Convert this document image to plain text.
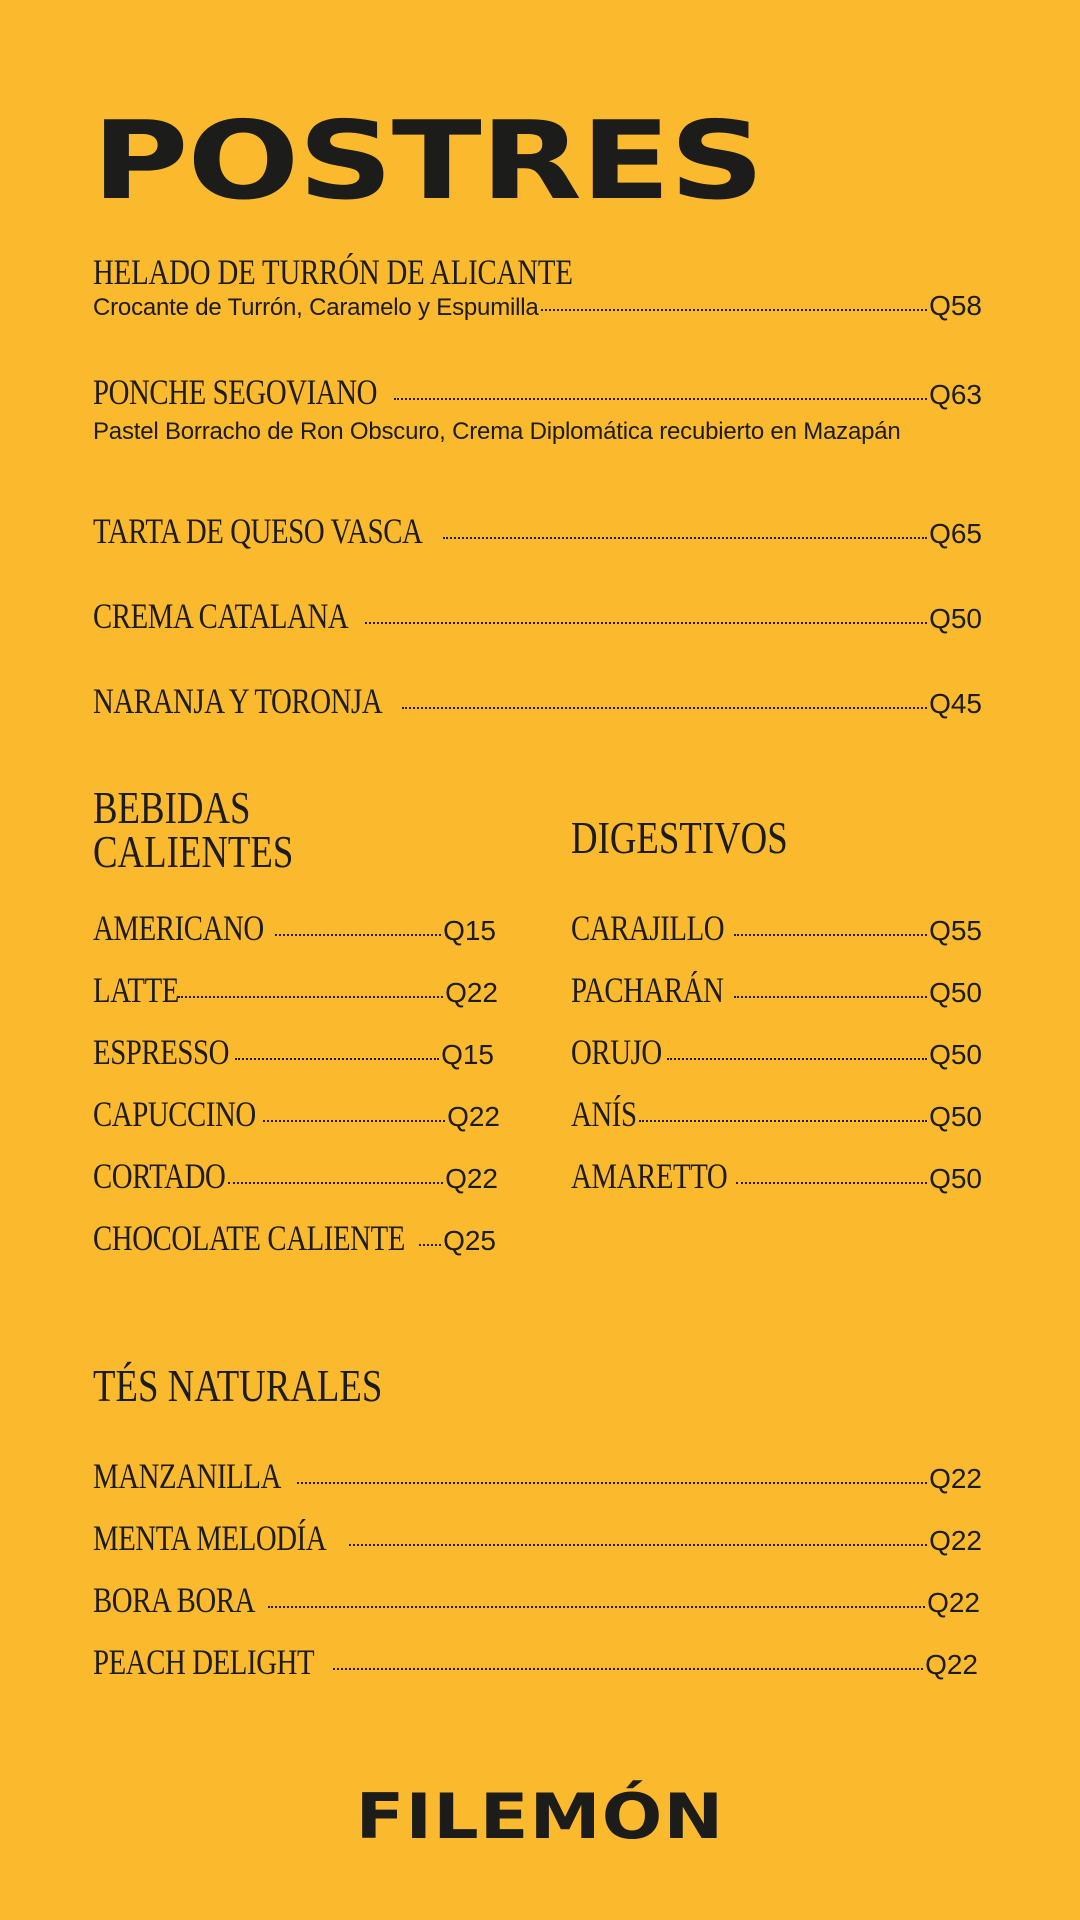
POSTRES
HELADO DE TURRÓN DE ALICANTE
Crocante de Turrón, Caramelo y Espumilla	Q58
PONCHE SEGOVIANO	Q63
Pastel Borracho de Ron Obscuro, Crema Diplomática recubierto en Mazapán
TARTA DE QUESO VASCA	Q65
CREMA CATALANA	Q50
NARANJA Y TORONJA	Q45
BEBIDAS
CALIENTES
AMERICANO	Q15
LATTE	Q22
ESPRESSO	Q15
CAPUCCINO	Q22
CORTADO	Q22
CHOCOLATE CALIENTE Q25
DIGESTIVOS
CARAJILLO	Q55
PACHARÁN	Q50
ORUJO	Q50
ANÍS	Q50
AMARETTO	Q50
TÉS NATURALES
MANZANILLA	Q22
MENTA MELODÍA	Q22
BORA BORA	Q22
PEACH DELIGHT	Q22
FILEMÓN
